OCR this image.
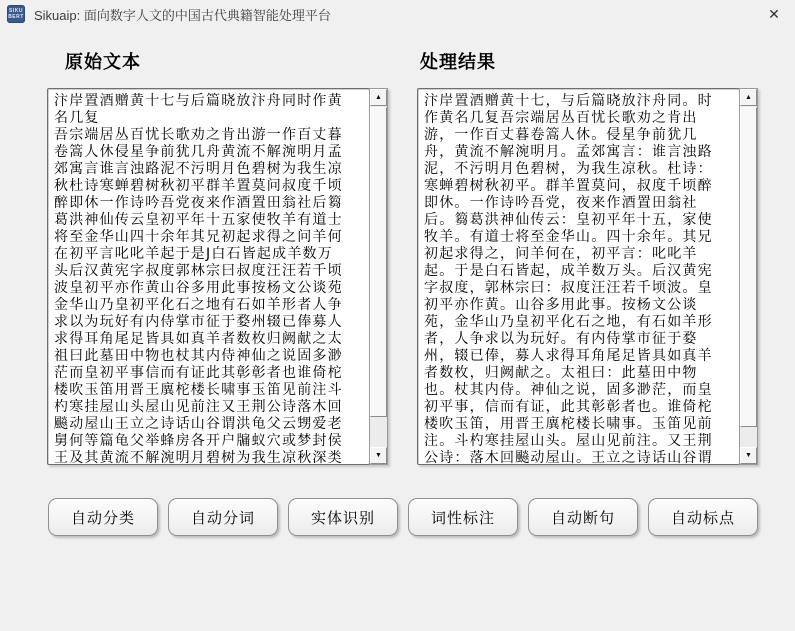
SIKU
BERT Sikuaip: 面向数字人文的中国古代典籍智能处理平台	✕
原始文本	处理结果
汴岸置酒赠黄十七与后篇晓放汴舟同时作黄
名几复
吾宗端居丛百忧长歌劝之肯出游一作百丈暮
卷篙人休侵星争前犹几舟黄流不解涴明月孟
郊寓言谁言浊路泥不污明月色碧树为我生凉
秋杜诗寒蝉碧树秋初平群羊置莫问叔度千顷
醉即休一作诗吟吾党夜来作酒置田翁社后篘
葛洪神仙传云皇初平年十五家使牧羊有道士
将至金华山四十余年其兄初起求得之问羊何
在初平言叱叱羊起于是J白石皆起成羊数万
头后汉黄宪字叔度郭林宗曰叔度汪汪若千顷
波皇初平亦作黄山谷多用此事按杨文公谈苑
金华山乃皇初平化石之地有石如羊形者人争
求以为玩好有内侍掌市征于婺州辍已俸募人
求得耳角尾足皆具如真羊者数枚归阙献之太
祖曰此墓田中物也杖其内侍神仙之说固多渺
茫而皇初平事信而有证此其彰彰者也谁倚柁
楼吹玉笛用晋王廙柁楼长啸事玉笛见前注斗
杓寒挂屋山头屋山见前注又王荆公诗落木回
飈动屋山王立之诗话山谷谓洪龟父云甥爱老
舅何等篇龟父举蜂房各开户牖蚁穴或梦封侯
王及其黄流不解涴明月碧树为我生凉秋深类
▲
▼
汴岸置酒赠黄十七，与后篇晓放汴舟同。时
作黄名几复吾宗端居丛百忧长歌劝之肯出
游，一作百丈暮卷篙人休。侵星争前犹几
舟，黄流不解涴明月。孟郊寓言：谁言浊路
泥，不污明月色碧树，为我生凉秋。杜诗：
寒蝉碧树秋初平。群羊置莫问，叔度千顷醉
即休。一作诗吟吾党，夜来作酒置田翁社
后。篘葛洪神仙传云：皇初平年十五，家使
牧羊。有道士将至金华山。四十余年。其兄
初起求得之，问羊何在，初平言：叱叱羊
起。于是白石皆起，成羊数万头。后汉黄宪
字叔度，郭林宗曰：叔度汪汪若千顷波。皇
初平亦作黄。山谷多用此事。按杨文公谈
苑，金华山乃皇初平化石之地，有石如羊形
者，人争求以为玩好。有内侍掌市征于婺
州，辍已俸，募人求得耳角尾足皆具如真羊
者数枚，归阙献之。太祖曰：此墓田中物
也。杖其内侍。神仙之说，固多渺茫，而皇
初平事，信而有证，此其彰彰者也。谁倚柁
楼吹玉笛，用晋王廙柁楼长啸事。玉笛见前
注。斗杓寒挂屋山头。屋山见前注。又王荆
公诗：落木回飈动屋山。王立之诗话山谷谓
▲
▼
自动分类	自动分词	实体识别	词性标注	自动断句	自动标点
